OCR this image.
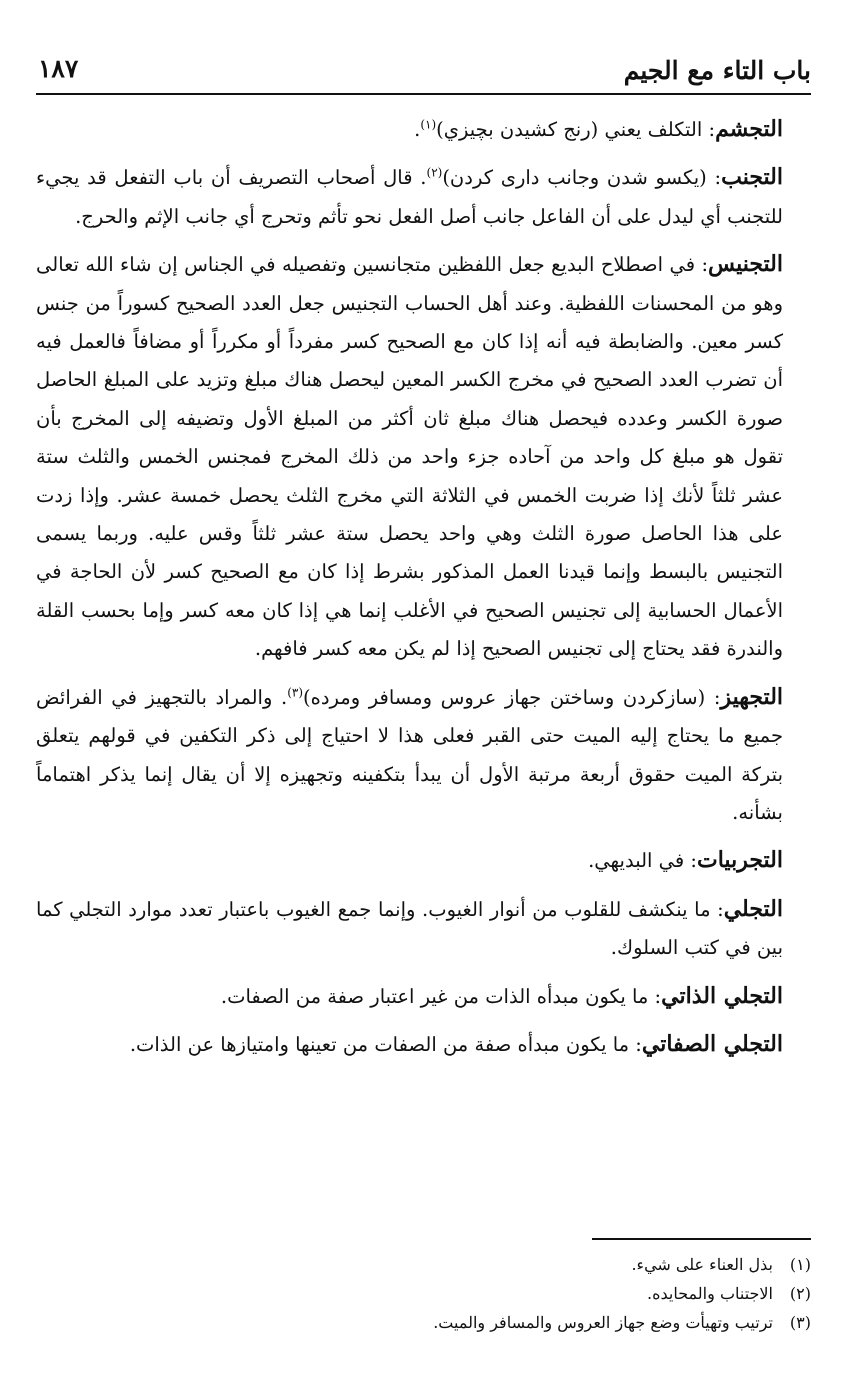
باب التاء مع الجيم
١٨٧

التجشم: التكلف يعني (رنج كشيدن بچيزي)$^{(١)}$.

التجنب: (يكسو شدن وجانب داری کردن)$^{(٢)}$. قال أصحاب التصريف أن باب التفعل قد يجيء للتجنب أي ليدل على أن الفاعل جانب أصل الفعل نحو تأثم وتحرج أي جانب الإثم والحرج.

التجنيس: في اصطلاح البديع جعل اللفظين متجانسين وتفصيله في الجناس إن شاء الله تعالى وهو من المحسنات اللفظية. وعند أهل الحساب التجنيس جعل العدد الصحيح كسوراً من جنس كسر معين. والضابطة فيه أنه إذا كان مع الصحيح كسر مفرداً أو مكرراً أو مضافاً فالعمل فيه أن تضرب العدد الصحيح في مخرج الكسر المعين ليحصل هناك مبلغ وتزيد على المبلغ الحاصل صورة الكسر وعدده فيحصل هناك مبلغ ثان أكثر من المبلغ الأول وتضيفه إلى المخرج بأن تقول هو مبلغ كل واحد من آحاده جزء واحد من ذلك المخرج فمجنس الخمس والثلث ستة عشر ثلثاً لأنك إذا ضربت الخمس في الثلاثة التي مخرج الثلث يحصل خمسة عشر. وإذا زدت على هذا الحاصل صورة الثلث وهي واحد يحصل ستة عشر ثلثاً وقس عليه. وربما يسمى التجنيس بالبسط وإنما قيدنا العمل المذكور بشرط إذا كان مع الصحيح كسر لأن الحاجة في الأعمال الحسابية إلى تجنيس الصحيح في الأغلب إنما هي إذا كان معه كسر وإما بحسب القلة والندرة فقد يحتاج إلى تجنيس الصحيح إذا لم يكن معه كسر فافهم.

التجهيز: (سازكردن وساختن جهاز عروس ومسافر ومرده)$^{(٣)}$. والمراد بالتجهيز في الفرائض جميع ما يحتاج إليه الميت حتى القبر فعلى هذا لا احتياج إلى ذكر التكفين في قولهم يتعلق بتركة الميت حقوق أربعة مرتبة الأول أن يبدأ بتكفينه وتجهيزه إلا أن يقال إنما يذكر اهتماماً بشأنه.

التجربيات: في البديهي.

التجلي: ما ينكشف للقلوب من أنوار الغيوب. وإنما جمع الغيوب باعتبار تعدد موارد التجلي كما بين في كتب السلوك.

التجلي الذاتي: ما يكون مبدأه الذات من غير اعتبار صفة من الصفات.

التجلي الصفاتي: ما يكون مبدأه صفة من الصفات من تعينها وامتيازها عن الذات.

(١)بذل العناء على شيء.
(٢)الاجتناب والمحايده.
(٣)ترتيب وتهيأت وضع جهاز العروس والمسافر والميت.
